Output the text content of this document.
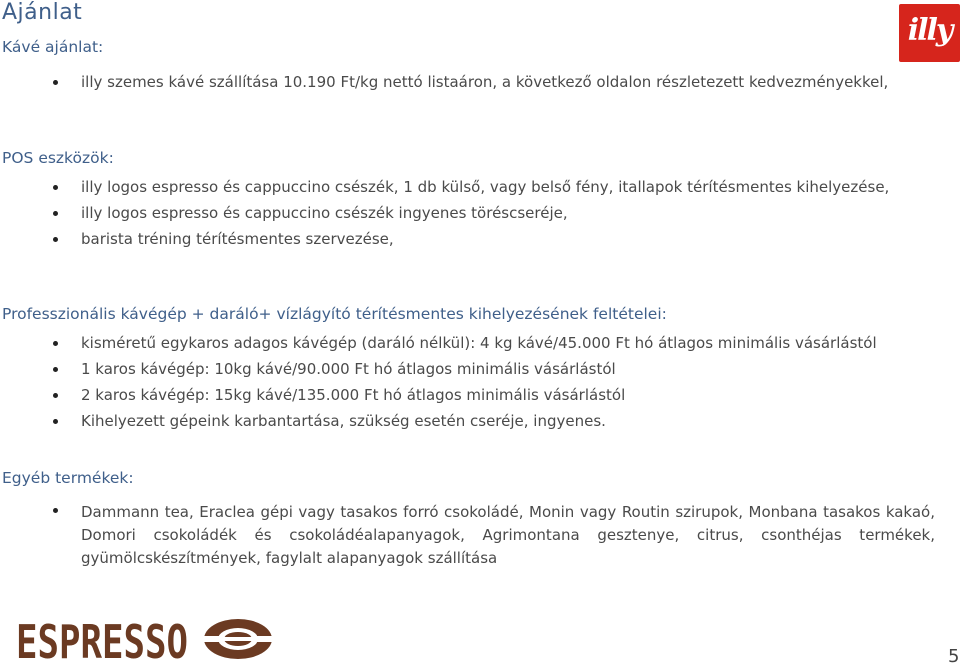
Ajánlat
illy
Kávé ajánlat:
illy szemes kávé szállítása 10.190 Ft/kg nettó listaáron, a következő oldalon részletezett kedvezményekkel,
POS eszközök:
illy logos espresso és cappuccino csészék, 1 db külső, vagy belső fény, itallapok térítésmentes kihelyezése,
illy logos espresso és cappuccino csészék ingyenes töréscseréje,
barista tréning térítésmentes szervezése,
Professzionális kávégép + daráló+ vízlágyító térítésmentes kihelyezésének feltételei:
kisméretű egykaros adagos kávégép (daráló nélkül): 4 kg kávé/45.000 Ft hó átlagos minimális vásárlástól
1 karos kávégép: 10kg kávé/90.000 Ft hó átlagos minimális vásárlástól
2 karos kávégép: 15kg kávé/135.000 Ft hó átlagos minimális vásárlástól
Kihelyezett gépeink karbantartása, szükség esetén cseréje, ingyenes.
Egyéb termékek:
Dammann tea, Eraclea gépi vagy tasakos forró csokoládé, Monin vagy Routin szirupok, Monbana tasakos kakaó, Domori csokoládék és csokoládéalapanyagok, Agrimontana gesztenye, citrus, csonthéjas termékek, gyümölcskészítmények, fagylalt alapanyagok szállítása
ESPRESSO	5
